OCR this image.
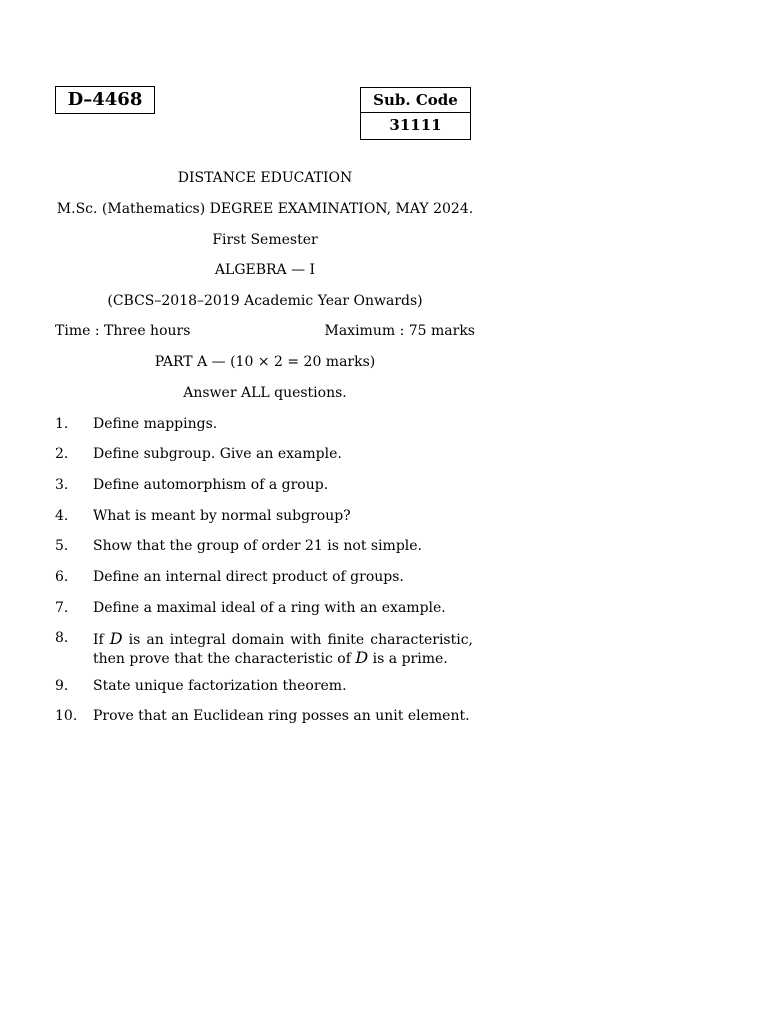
D–4468	Sub. Code
31111
DISTANCE EDUCATION
M.Sc. (Mathematics) DEGREE EXAMINATION, MAY 2024.
First Semester
ALGEBRA — I
(CBCS–2018–2019 Academic Year Onwards)
Time : Three hours	Maximum : 75 marks
PART A — (10 × 2 = 20 marks)
Answer ALL questions.
1. Define mappings.
2. Define subgroup. Give an example.
3. Define automorphism of a group.
4. What is meant by normal subgroup?
5. Show that the group of order 21 is not simple.
6. Define an internal direct product of groups.
7. Define a maximal ideal of a ring with an example.
8. If D is an integral domain with finite characteristic,
then prove that the characteristic of D is a prime.
9. State unique factorization theorem.
10. Prove that an Euclidean ring posses an unit element.
